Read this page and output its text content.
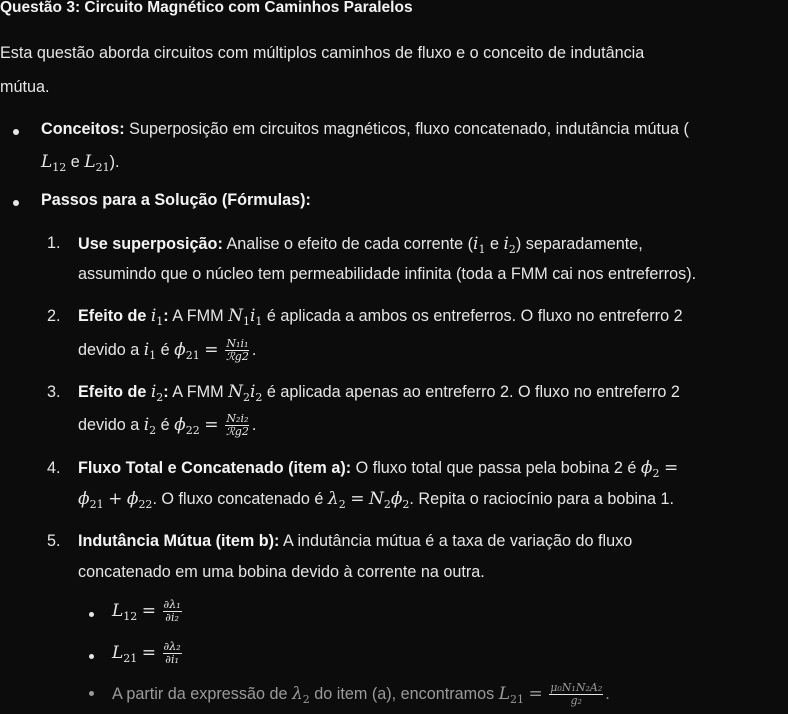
Questão 3: Circuito Magnético com Caminhos Paralelos
Esta questão aborda circuitos com múltiplos caminhos de fluxo e o conceito de indutância
mútua.
Conceitos: Superposição em circuitos magnéticos, fluxo concatenado, indutância mútua (
$L_{12}$ e $L_{21}$).
Passos para a Solução (Fórmulas):
1. Use superposição: Analise o efeito de cada corrente ($i_1$ e $i_2$) separadamente,
assumindo que o núcleo tem permeabilidade infinita (toda a FMM cai nos entreferros).
2. Efeito de $i_1$: A FMM $N_1i_1$ é aplicada a ambos os entreferros. O fluxo no entreferro 2
devido a $i_1$ é $\phi_{21} = \frac{\text{N₁i₁}}{\text{ℛg2}}$ .
3. Efeito de $i_2$: A FMM $N_2i_2$ é aplicada apenas ao entreferro 2. O fluxo no entreferro 2
devido a $i_2$ é $\phi_{22} = \frac{\text{N₂i₂}}{\text{ℛg2}}$ .
4. Fluxo Total e Concatenado (item a): O fluxo total que passa pela bobina 2 é $\phi_2$ =
$\phi_{21} + \phi_{22}$. O fluxo concatenado é $\lambda_2 = N_2\phi_2$. Repita o raciocínio para a bobina 1.
5. Indutância Mútua (item b): A indutância mútua é a taxa de variação do fluxo
concatenado em uma bobina devido à corrente na outra.
$L_{12} = \frac{\text{∂λ₁}}{\text{∂i₂}}$
$L_{21} = \frac{\text{∂λ₂}}{\text{∂i₁}}$
A partir da expressão de $\lambda_2$ do item (a), encontramos $L_{21} = \frac{\text{μ₀N₁N₂A₂}}{\text{g₂}}$ .
